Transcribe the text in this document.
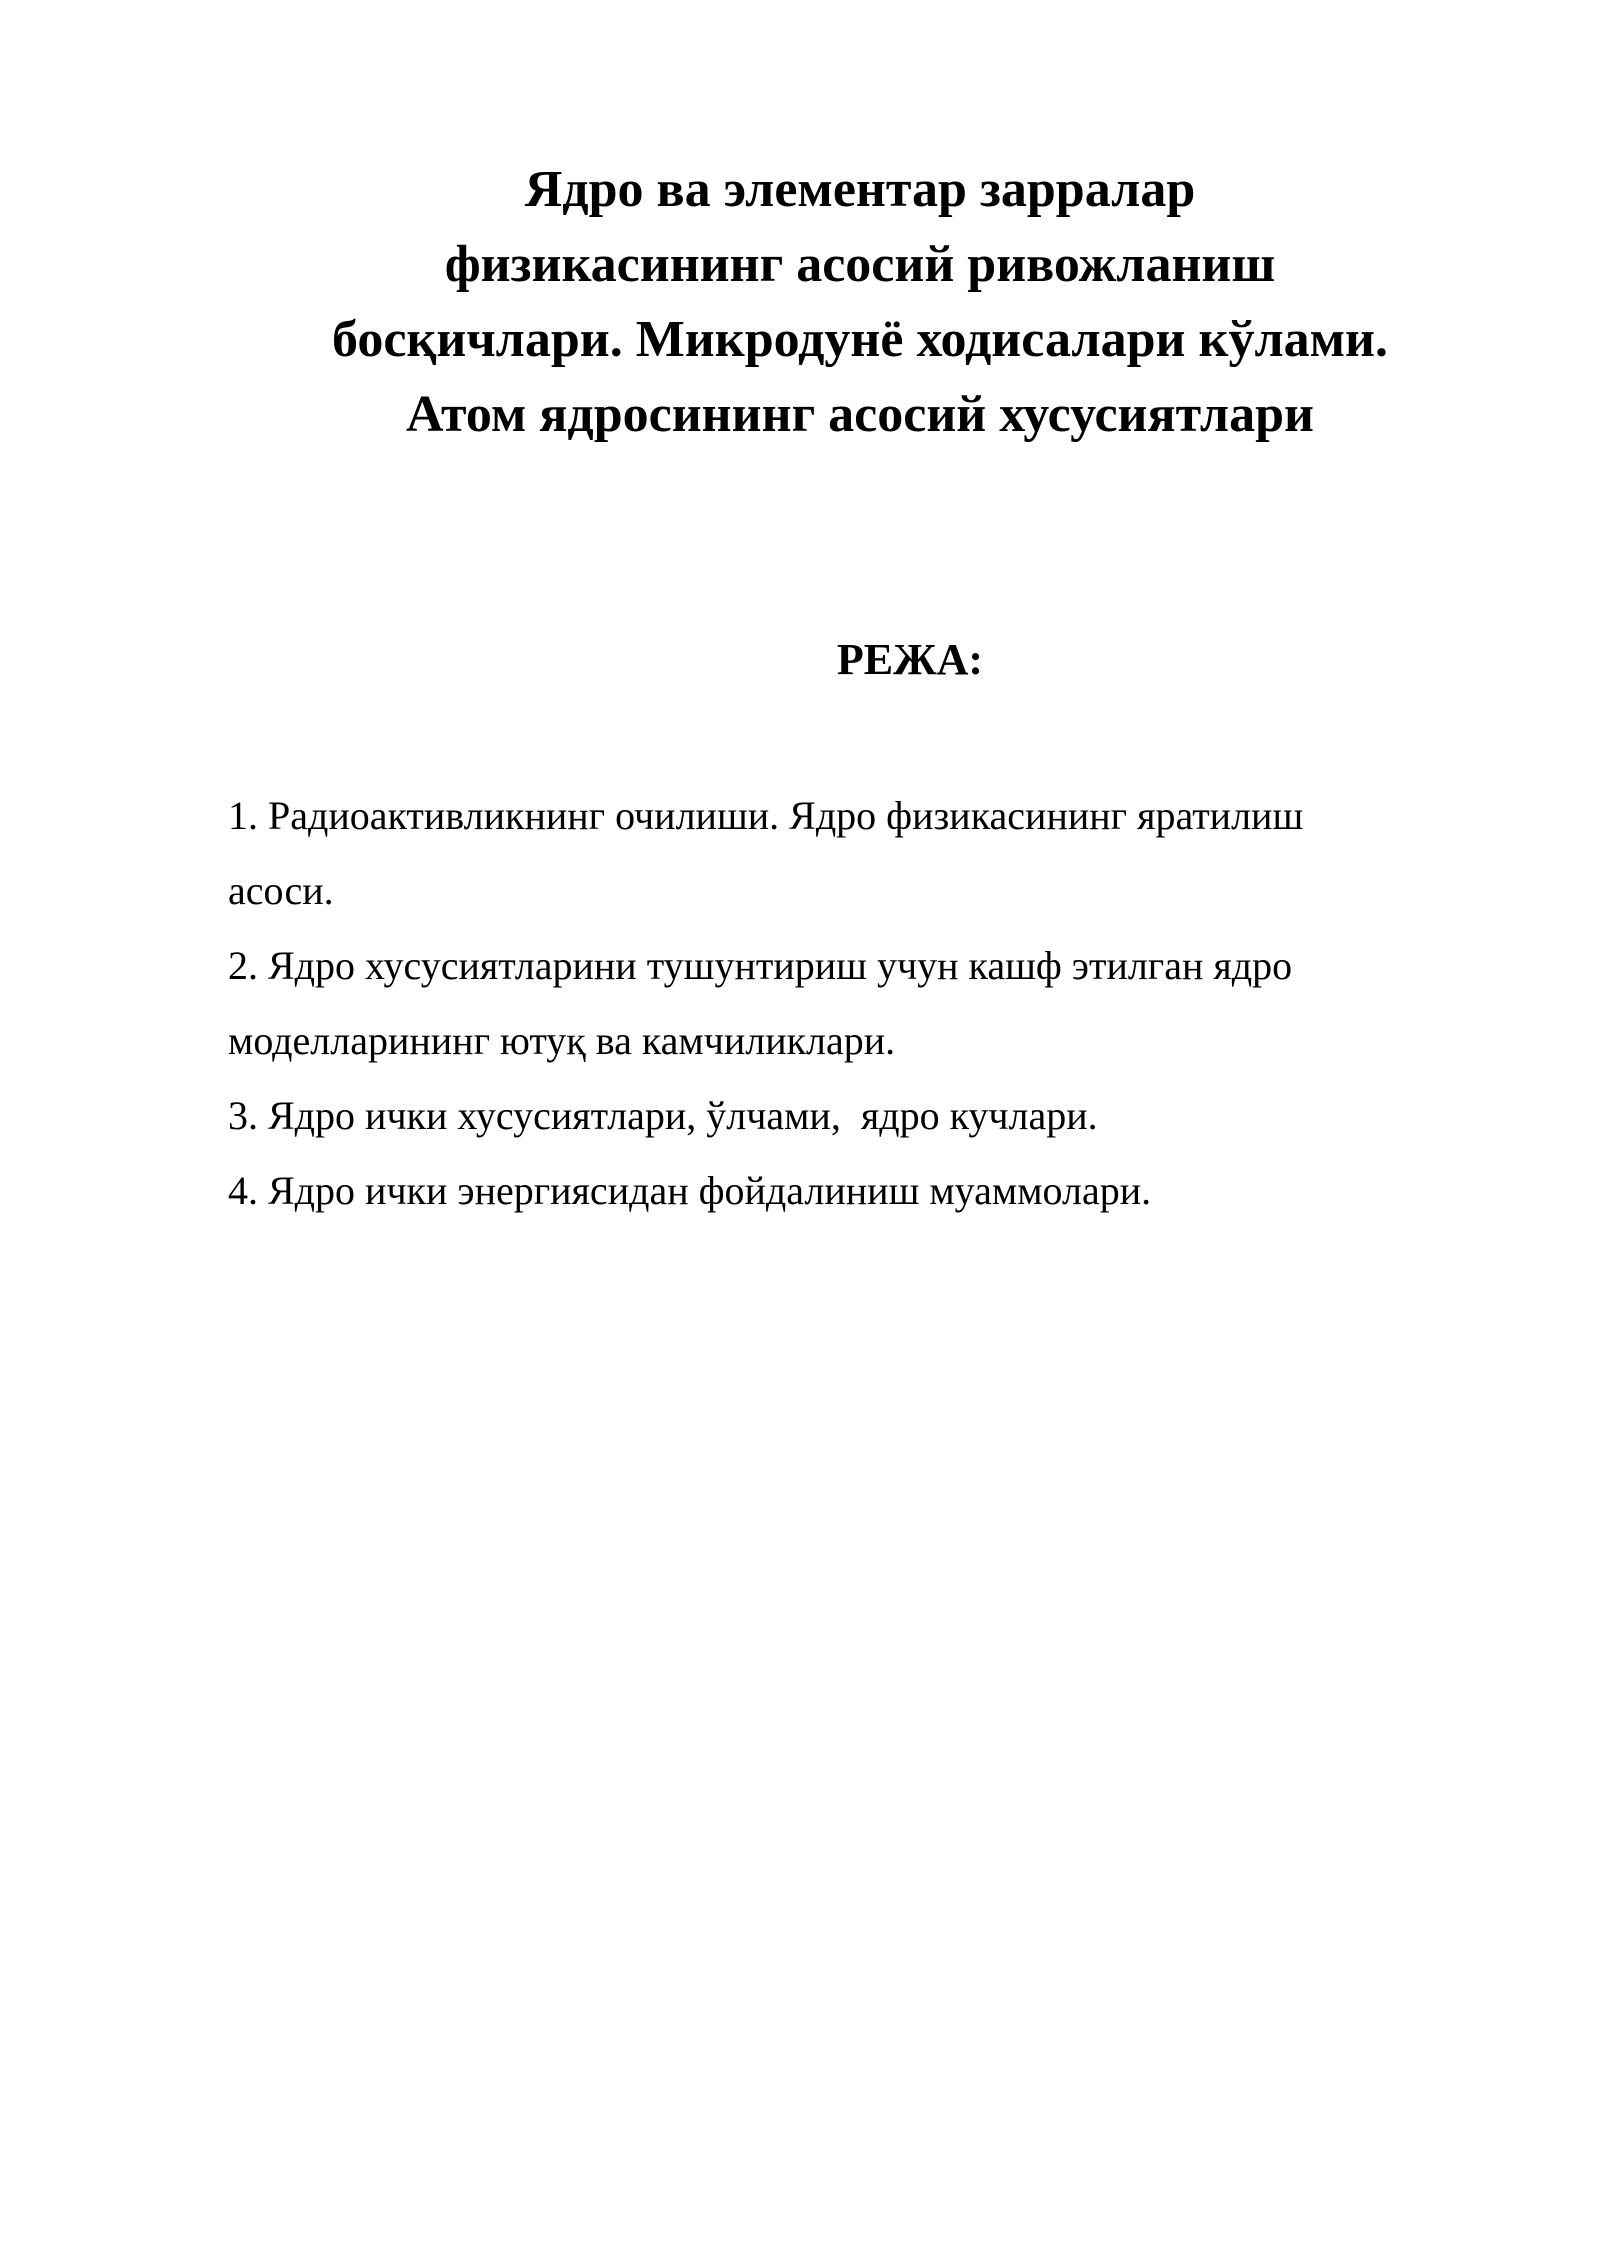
Ядро ва элементар зарралар
физикасининг асосий ривожланиш
босқичлари. Микродунё ходисалари кўлами.
Атом ядросининг асосий хусусиятлари
РЕЖА:
1. Радиоактивликнинг очилиши. Ядро физикасининг яратилиш
асоси.
2. Ядро хусусиятларини тушунтириш учун кашф этилган ядро
моделларининг ютуқ ва камчиликлари.
3. Ядро ички хусусиятлари, ўлчами,  ядро кучлари.
4. Ядро ички энергиясидан фойдалиниш муаммолари.
